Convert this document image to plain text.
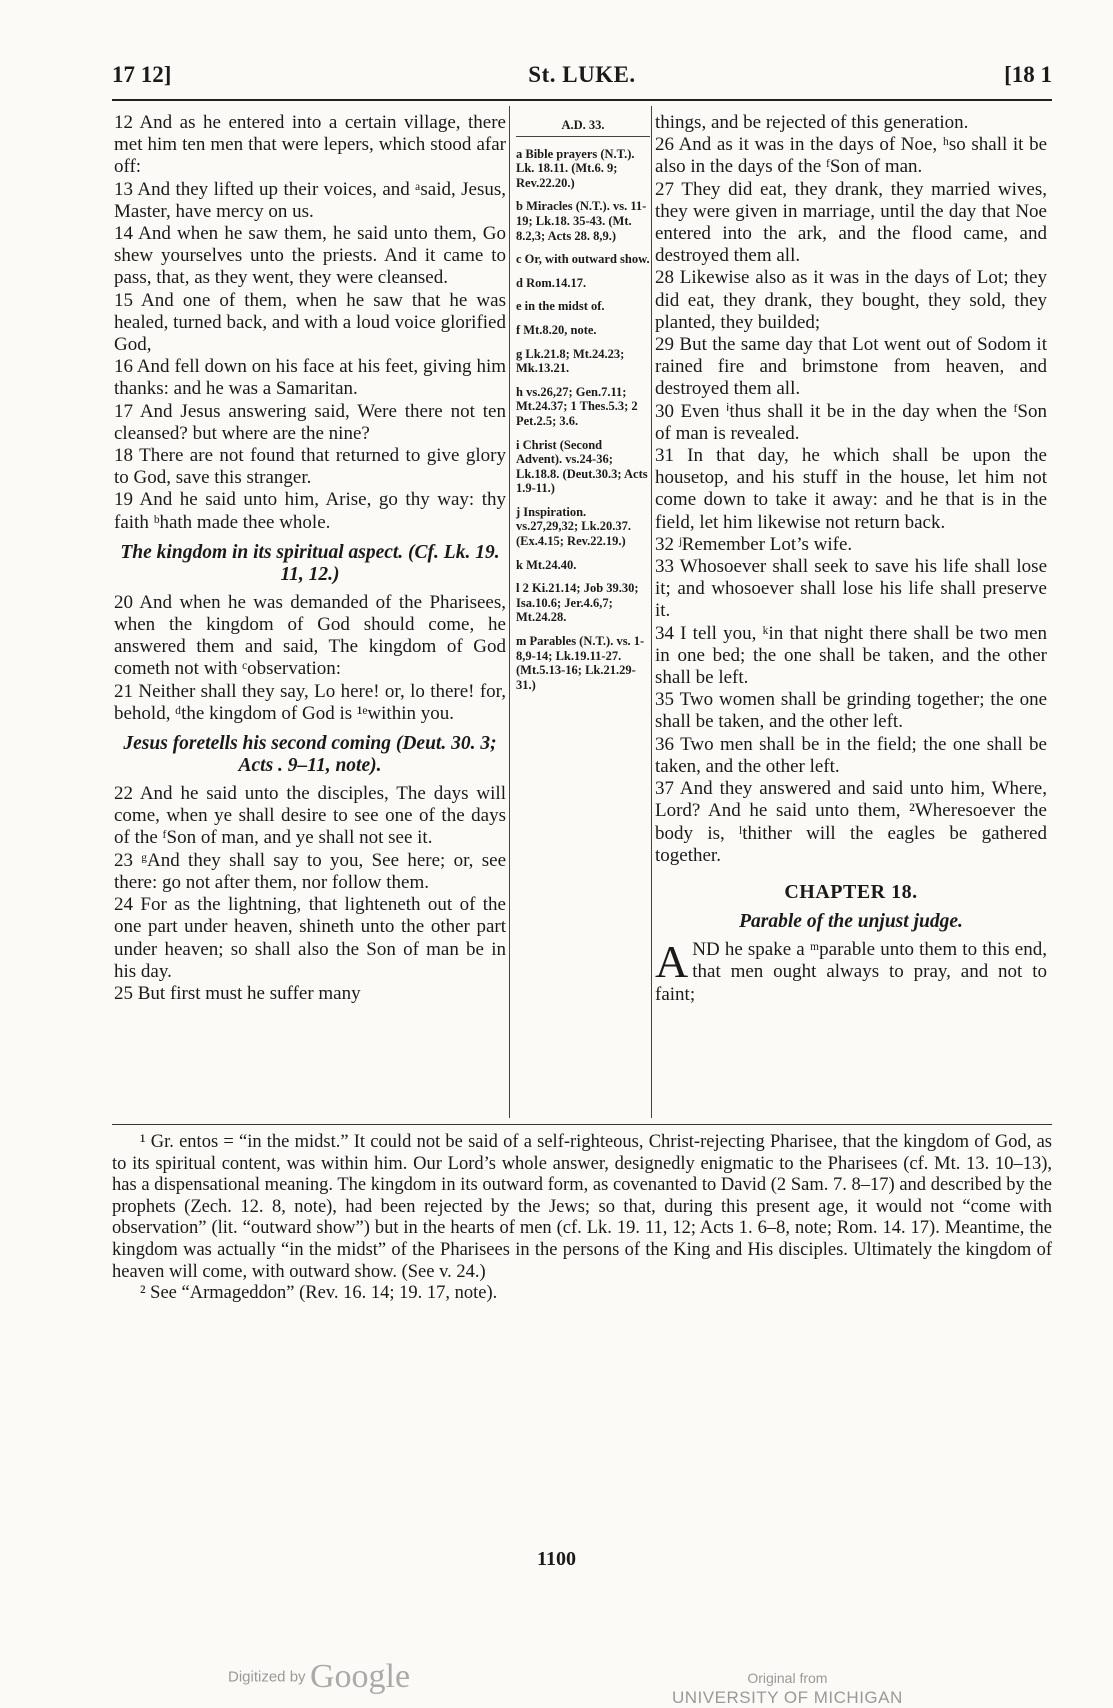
17 12]	St. LUKE.	[18 1

12 And as he entered into a certain village, there met him ten men that were lepers, which stood afar off:

13 And they lifted up their voices, and ᵃsaid, Jesus, Master, have mercy on us.

14 And when he saw them, he said unto them, Go shew yourselves unto the priests. And it came to pass, that, as they went, they were cleansed.

15 And one of them, when he saw that he was healed, turned back, and with a loud voice glorified God,

16 And fell down on his face at his feet, giving him thanks: and he was a Samaritan.

17 And Jesus answering said, Were there not ten cleansed? but where are the nine?

18 There are not found that returned to give glory to God, save this stranger.

19 And he said unto him, Arise, go thy way: thy faith ᵇhath made thee whole.

The kingdom in its spiritual aspect. (Cf. Lk. 19. 11, 12.)

20 And when he was demanded of the Pharisees, when the kingdom of God should come, he answered them and said, The kingdom of God cometh not with ᶜobservation:

21 Neither shall they say, Lo here! or, lo there! for, behold, ᵈthe kingdom of God is ¹ᵉwithin you.

Jesus foretells his second coming (Deut. 30. 3; Acts . 9–11, note).

22 And he said unto the disciples, The days will come, when ye shall desire to see one of the days of the ᶠSon of man, and ye shall not see it.

23 ᵍAnd they shall say to you, See here; or, see there: go not after them, nor follow them.

24 For as the lightning, that lighteneth out of the one part under heaven, shineth unto the other part under heaven; so shall also the Son of man be in his day.

25 But first must he suffer many

A.D. 33.
a Bible prayers (N.T.). Lk. 18.11. (Mt.6. 9; Rev.22.20.)
b Miracles (N.T.). vs. 11-19; Lk.18. 35-43. (Mt. 8.2,3; Acts 28. 8,9.)
c Or, with outward show.
d Rom.14.17.
e in the midst of.
f Mt.8.20, note.
g Lk.21.8; Mt.24.23; Mk.13.21.
h vs.26,27; Gen.7.11; Mt.24.37; 1 Thes.5.3; 2 Pet.2.5; 3.6.
i Christ (Second Advent). vs.24-36; Lk.18.8. (Deut.30.3; Acts 1.9-11.)
j Inspiration. vs.27,29,32; Lk.20.37. (Ex.4.15; Rev.22.19.)
k Mt.24.40.
l 2 Ki.21.14; Job 39.30; Isa.10.6; Jer.4.6,7; Mt.24.28.
m Parables (N.T.). vs. 1-8,9-14; Lk.19.11-27. (Mt.5.13-16; Lk.21.29-31.)

things, and be rejected of this generation.

26 And as it was in the days of Noe, ʰso shall it be also in the days of the ᶠSon of man.

27 They did eat, they drank, they married wives, they were given in marriage, until the day that Noe entered into the ark, and the flood came, and destroyed them all.

28 Likewise also as it was in the days of Lot; they did eat, they drank, they bought, they sold, they planted, they builded;

29 But the same day that Lot went out of Sodom it rained fire and brimstone from heaven, and destroyed them all.

30 Even ⁱthus shall it be in the day when the ᶠSon of man is revealed.

31 In that day, he which shall be upon the housetop, and his stuff in the house, let him not come down to take it away: and he that is in the field, let him likewise not return back.

32 ʲRemember Lot’s wife.

33 Whosoever shall seek to save his life shall lose it; and whosoever shall lose his life shall preserve it.

34 I tell you, ᵏin that night there shall be two men in one bed; the one shall be taken, and the other shall be left.

35 Two women shall be grinding together; the one shall be taken, and the other left.

36 Two men shall be in the field; the one shall be taken, and the other left.

37 And they answered and said unto him, Where, Lord? And he said unto them, ²Wheresoever the body is, ˡthither will the eagles be gathered together.

CHAPTER 18.
Parable of the unjust judge.

AND he spake a ᵐparable unto them to this end, that men ought always to pray, and not to faint;

¹ Gr. entos = “in the midst.” It could not be said of a self-righteous, Christ-rejecting Pharisee, that the kingdom of God, as to its spiritual content, was within him. Our Lord’s whole answer, designedly enigmatic to the Pharisees (cf. Mt. 13. 10–13), has a dispensational meaning. The kingdom in its outward form, as covenanted to David (2 Sam. 7. 8–17) and described by the prophets (Zech. 12. 8, note), had been rejected by the Jews; so that, during this present age, it would not “come with observation” (lit. “outward show”) but in the hearts of men (cf. Lk. 19. 11, 12; Acts 1. 6–8, note; Rom. 14. 17). Meantime, the kingdom was actually “in the midst” of the Pharisees in the persons of the King and His disciples. Ultimately the kingdom of heaven will come, with outward show. (See v. 24.)

² See “Armageddon” (Rev. 16. 14; 19. 17, note).

1100
Digitized by Google	Original from
UNIVERSITY OF MICHIGAN
